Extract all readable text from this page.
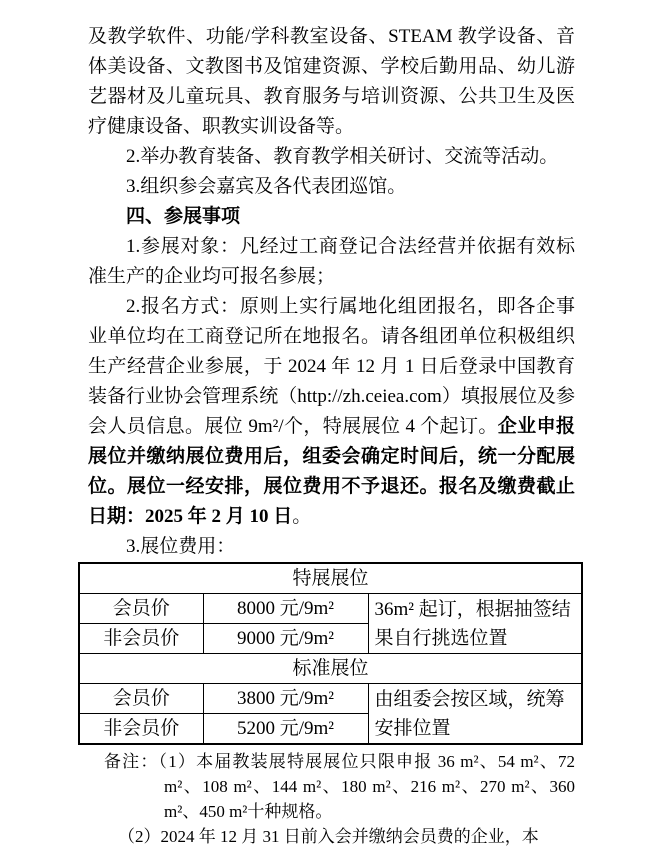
及教学软件、功能/学科教室设备、STEAM 教学设备、音体美设备、文教图书及馆建资源、学校后勤用品、幼儿游艺器材及儿童玩具、教育服务与培训资源、公共卫生及医疗健康设备、职教实训设备等。

2.举办教育装备、教育教学相关研讨、交流等活动。

3.组织参会嘉宾及各代表团巡馆。

四、参展事项

1.参展对象：凡经过工商登记合法经营并依据有效标准生产的企业均可报名参展；

2.报名方式：原则上实行属地化组团报名，即各企事业单位均在工商登记所在地报名。请各组团单位积极组织生产经营企业参展，于 2024 年 12 月 1 日后登录中国教育装备行业协会管理系统（http://zh.ceiea.com）填报展位及参会人员信息。展位 9m²/个，特展展位 4 个起订。企业申报展位并缴纳展位费用后，组委会确定时间后，统一分配展位。展位一经安排，展位费用不予退还。报名及缴费截止日期：2025 年 2 月 10 日。

3.展位费用：

特展展位		
会员价	8000 元/9m²	36m² 起订，根据抽签结果自行挑选位置
非会员价	9000 元/9m²	
标准展位		
会员价	3800 元/9m²	由组委会按区域，统筹安排位置
非会员价	5200 元/9m²	

备注：（1）本届教装展特展展位只限申报 36 m²、54 m²、72 m²、108 m²、144 m²、180 m²、216 m²、270 m²、360 m²、450 m²十种规格。

（2）2024 年 12 月 31 日前入会并缴纳会员费的企业，本
